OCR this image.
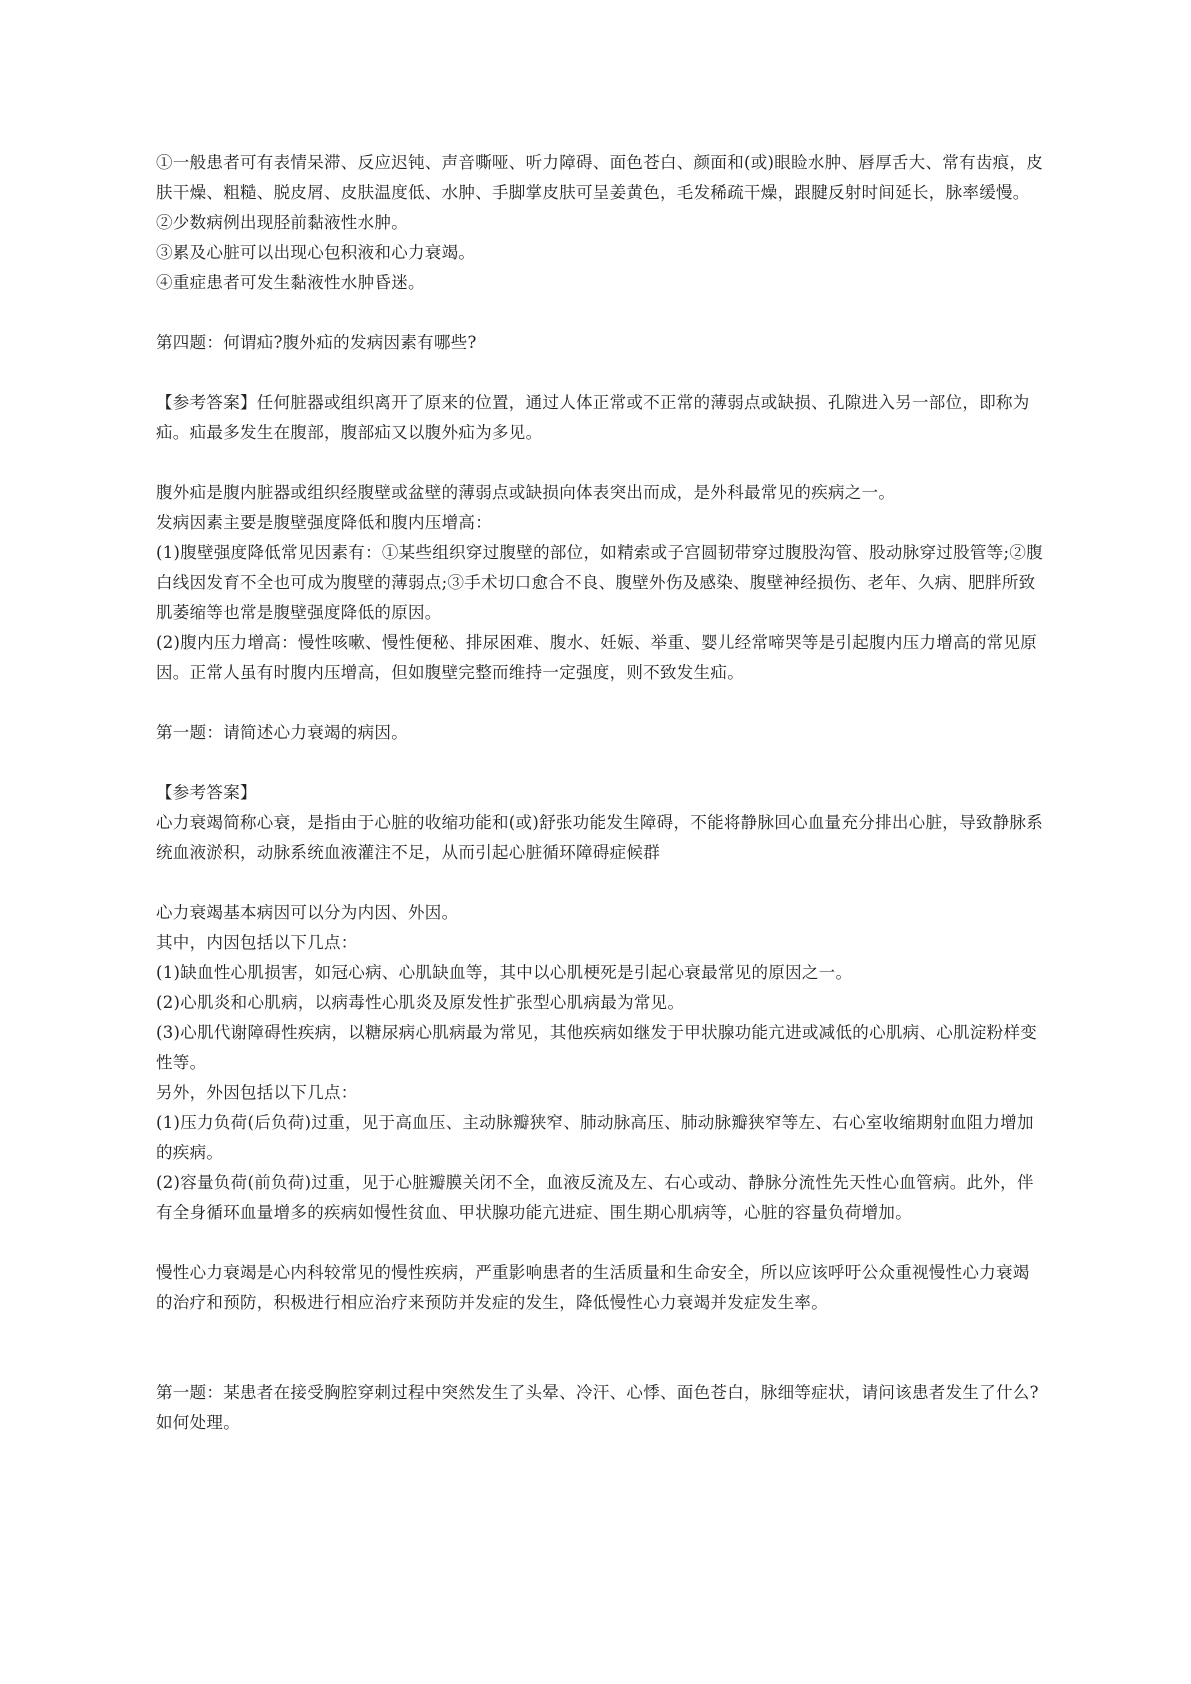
①一般患者可有表情呆滞、反应迟钝、声音嘶哑、听力障碍、面色苍白、颜面和(或)眼睑水肿、唇厚舌大、常有齿痕，皮肤干燥、粗糙、脱皮屑、皮肤温度低、水肿、手脚掌皮肤可呈姜黄色，毛发稀疏干燥，跟腱反射时间延长，脉率缓慢。

②少数病例出现胫前黏液性水肿。

③累及心脏可以出现心包积液和心力衰竭。

④重症患者可发生黏液性水肿昏迷。

第四题：何谓疝?腹外疝的发病因素有哪些?

【参考答案】任何脏器或组织离开了原来的位置，通过人体正常或不正常的薄弱点或缺损、孔隙进入另一部位，即称为疝。疝最多发生在腹部，腹部疝又以腹外疝为多见。

腹外疝是腹内脏器或组织经腹壁或盆壁的薄弱点或缺损向体表突出而成，是外科最常见的疾病之一。

发病因素主要是腹壁强度降低和腹内压增高：

(1)腹壁强度降低常见因素有：①某些组织穿过腹壁的部位，如精索或子宫圆韧带穿过腹股沟管、股动脉穿过股管等;②腹白线因发育不全也可成为腹壁的薄弱点;③手术切口愈合不良、腹壁外伤及感染、腹壁神经损伤、老年、久病、肥胖所致肌萎缩等也常是腹壁强度降低的原因。

(2)腹内压力增高：慢性咳嗽、慢性便秘、排尿困难、腹水、妊娠、举重、婴儿经常啼哭等是引起腹内压力增高的常见原因。正常人虽有时腹内压增高，但如腹壁完整而维持一定强度，则不致发生疝。

第一题：请简述心力衰竭的病因。

【参考答案】

心力衰竭简称心衰，是指由于心脏的收缩功能和(或)舒张功能发生障碍，不能将静脉回心血量充分排出心脏，导致静脉系统血液淤积，动脉系统血液灌注不足，从而引起心脏循环障碍症候群

心力衰竭基本病因可以分为内因、外因。

其中，内因包括以下几点：

(1)缺血性心肌损害，如冠心病、心肌缺血等，其中以心肌梗死是引起心衰最常见的原因之一。

(2)心肌炎和心肌病，以病毒性心肌炎及原发性扩张型心肌病最为常见。

(3)心肌代谢障碍性疾病，以糖尿病心肌病最为常见，其他疾病如继发于甲状腺功能亢进或减低的心肌病、心肌淀粉样变性等。

另外，外因包括以下几点：

(1)压力负荷(后负荷)过重，见于高血压、主动脉瓣狭窄、肺动脉高压、肺动脉瓣狭窄等左、右心室收缩期射血阻力增加的疾病。

(2)容量负荷(前负荷)过重，见于心脏瓣膜关闭不全，血液反流及左、右心或动、静脉分流性先天性心血管病。此外，伴有全身循环血量增多的疾病如慢性贫血、甲状腺功能亢进症、围生期心肌病等，心脏的容量负荷增加。

慢性心力衰竭是心内科较常见的慢性疾病，严重影响患者的生活质量和生命安全，所以应该呼吁公众重视慢性心力衰竭的治疗和预防，积极进行相应治疗来预防并发症的发生，降低慢性心力衰竭并发症发生率。

第一题：某患者在接受胸腔穿刺过程中突然发生了头晕、冷汗、心悸、面色苍白，脉细等症状，请问该患者发生了什么?如何处理。
